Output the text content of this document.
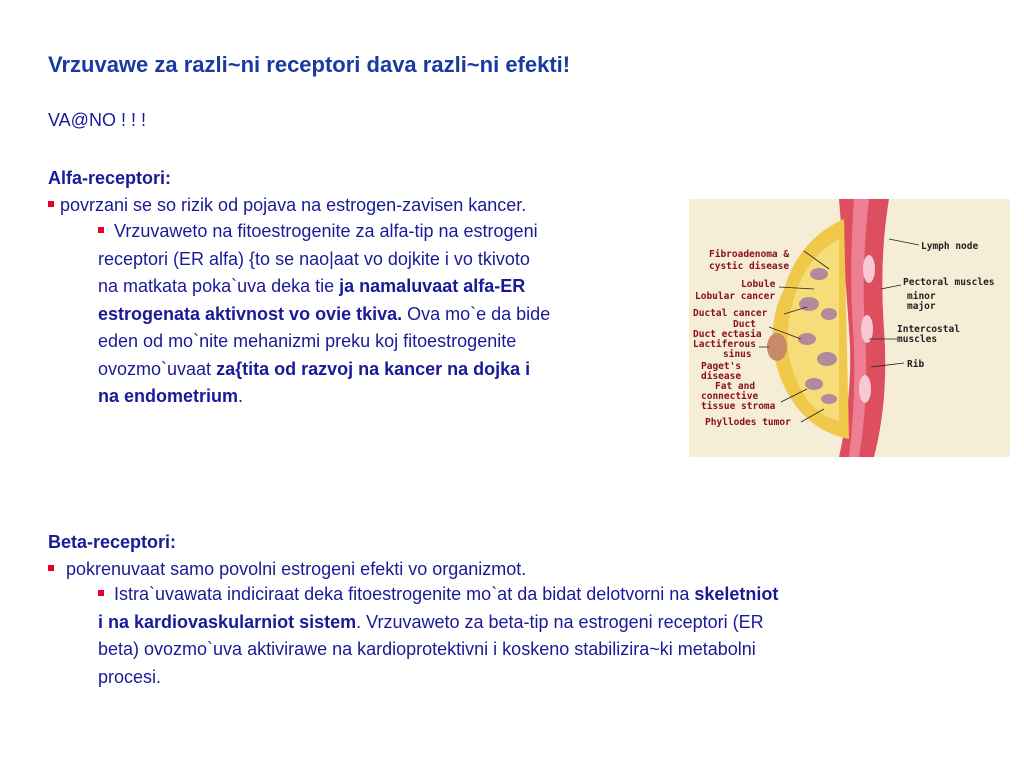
Vrzuvawe za razli~ni receptori dava razli~ni efekti!
VA@NO ! ! !
Alfa-receptori:
povrzani se so rizik od pojava na estrogen-zavisen kancer.
Vrzuvaweto na fitoestrogenite za alfa-tip na estrogeni
receptori (ER alfa) {to se nao|aat vo dojkite i vo tkivoto
na matkata poka`uva deka tie ja namaluvaat alfa-ER
estrogenata aktivnost vo ovie tkiva. Ova mo`e da bide
eden od mo`nite mehanizmi preku koj fitoestrogenite
ovozmo`uvaat za{tita od razvoj na kancer na dojka i
na endometrium.
Fibroadenoma &
cystic disease
Lobule
Lobular cancer
Ductal cancer
Duct
Duct ectasia
Lactiferous
sinus
Paget's
disease
Fat and
connective
tissue stroma
Phyllodes tumor
Lymph node
Pectoral muscles
minor
major
Intercostal
muscles
Rib
Beta-receptori:
pokrenuvaat samo povolni estrogeni efekti vo organizmot.
Istra`uvawata indiciraat deka fitoestrogenite mo`at da bidat delotvorni na skeletniot
i na kardiovaskularniot sistem. Vrzuvaweto za beta-tip na estrogeni receptori (ER
beta) ovozmo`uva aktivirawe na kardioprotektivni i koskeno stabilizira~ki metabolni
procesi.
